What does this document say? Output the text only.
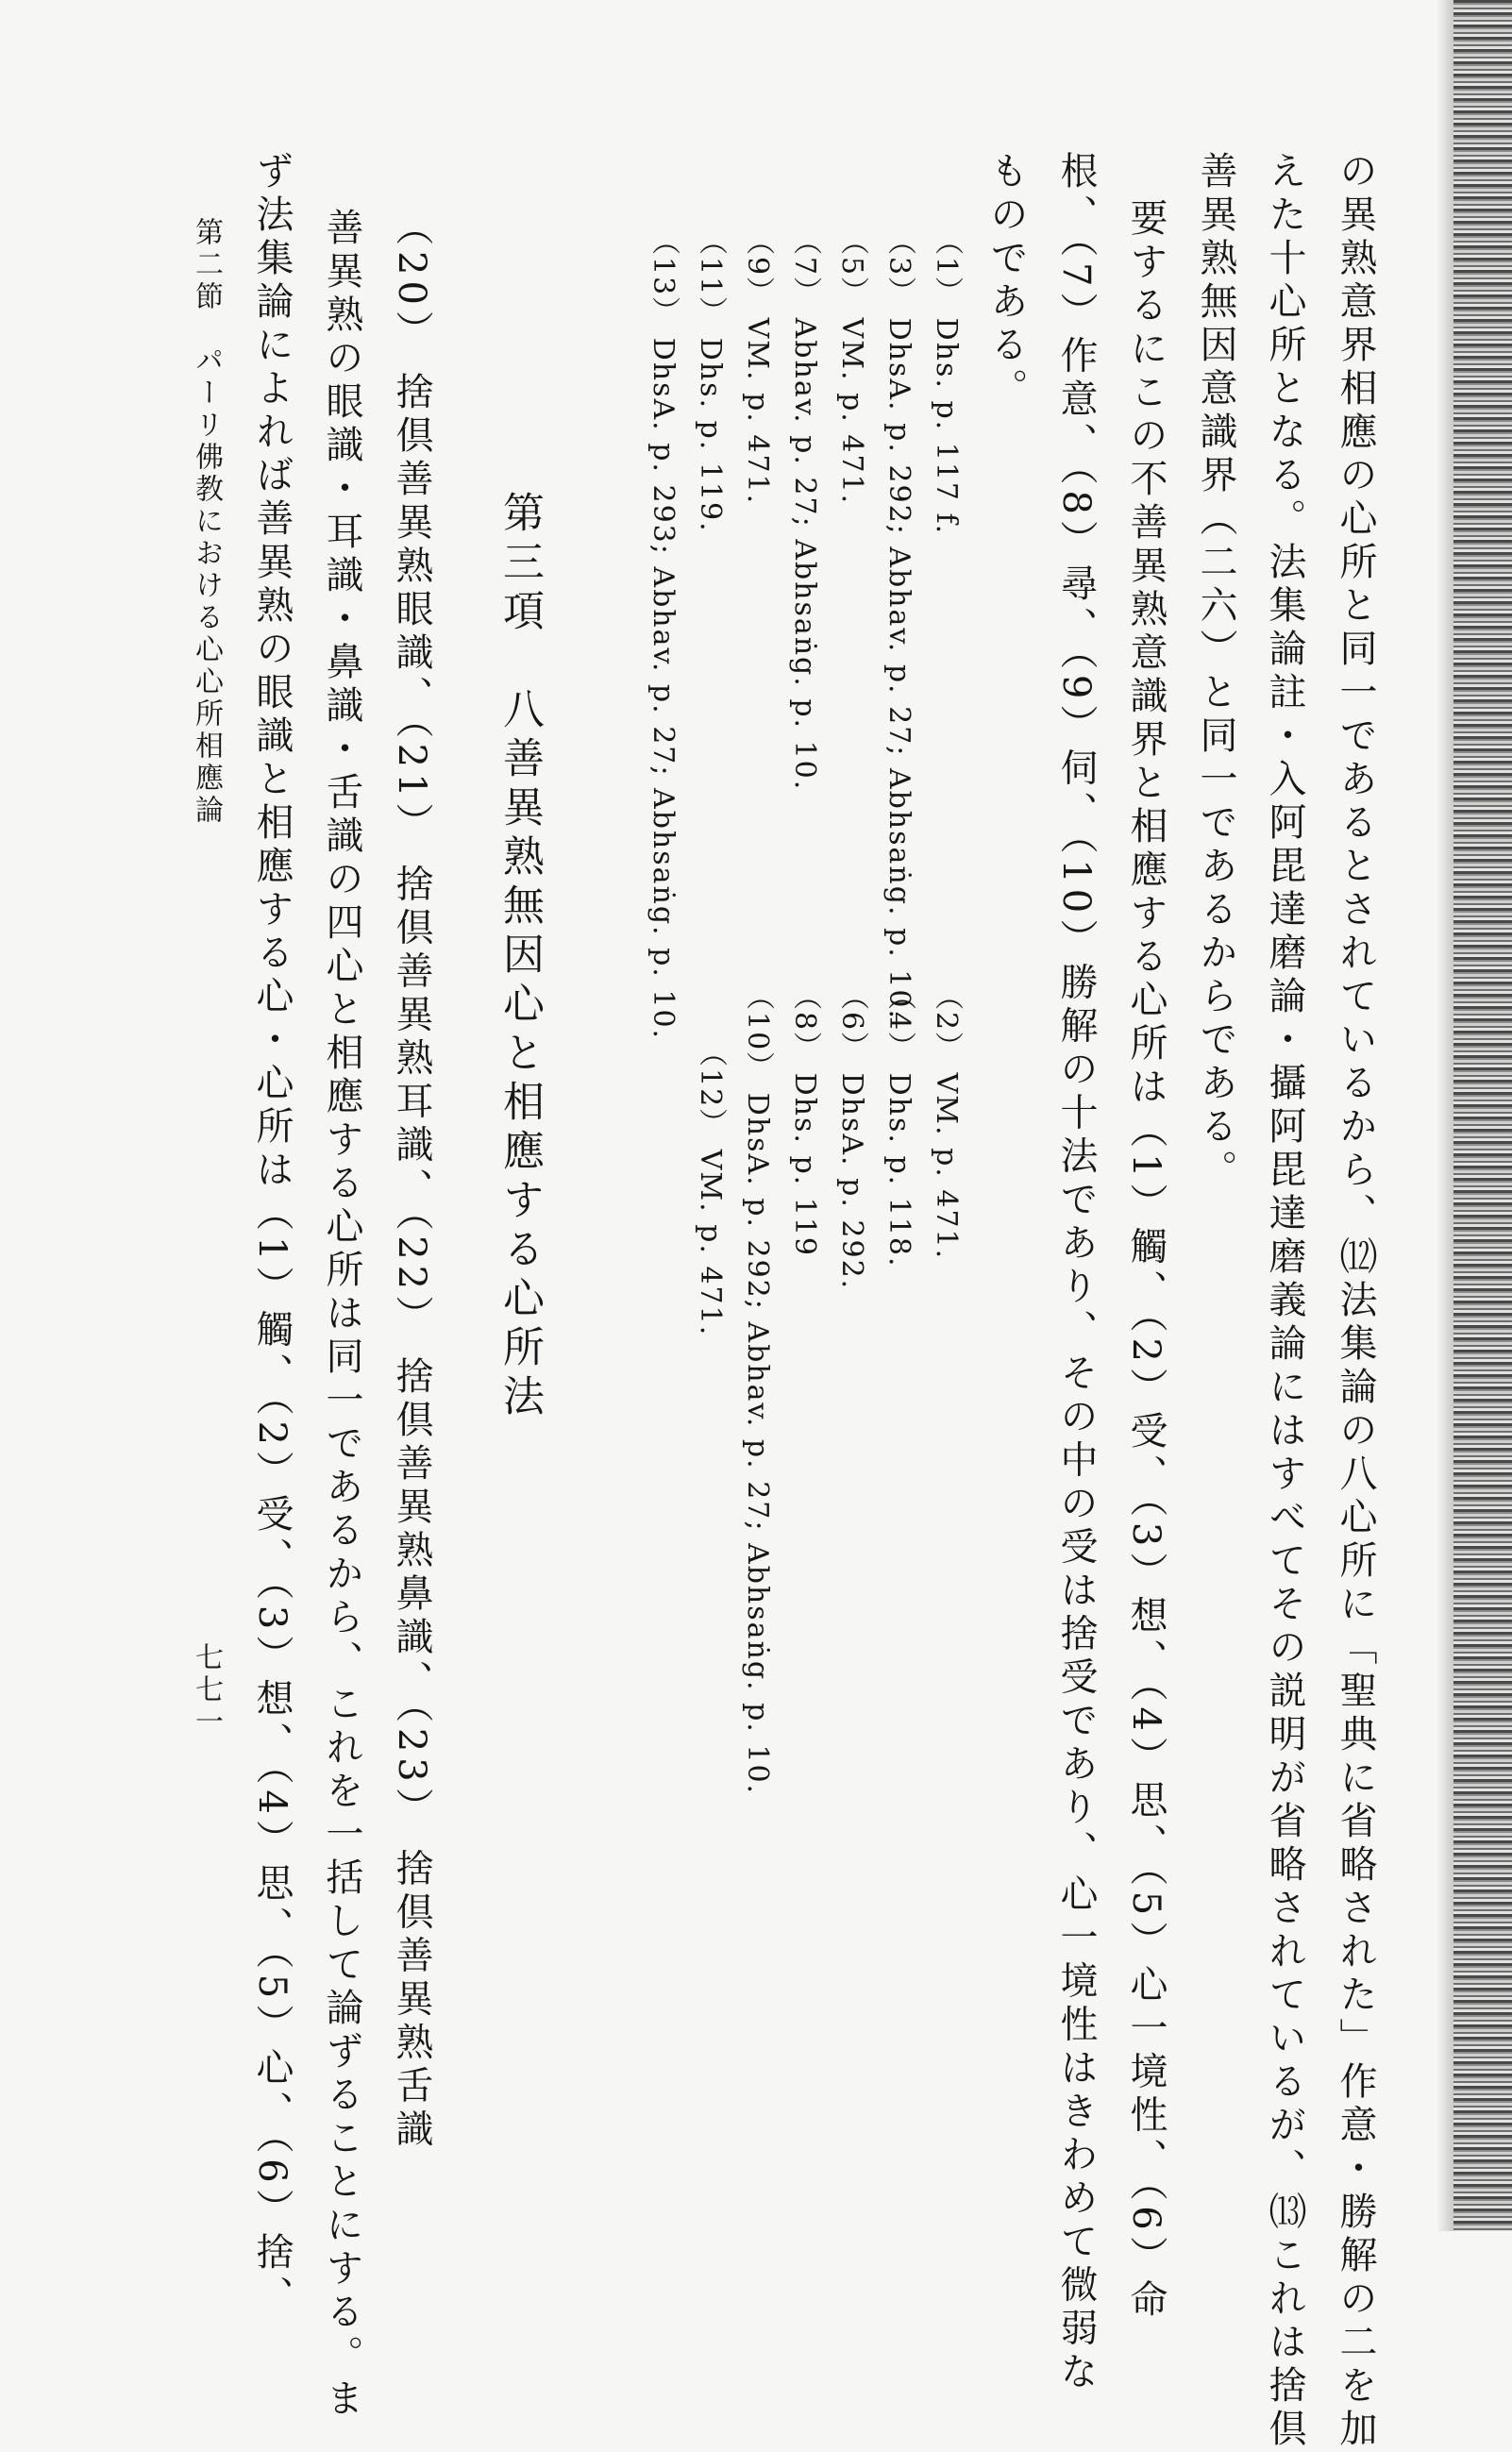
の異熟意界相應の心所と同一であるとされているから、⑿法集論の八心所に「聖典に省略された」作意・勝解の二を加
えた十心所となる。法集論註・入阿毘達磨論・攝阿毘達磨義論にはすべてその説明が省略されているが、⒀これは捨倶
善異熟無因意識界（二六）と同一であるからである。
要するにこの不善異熟意識界と相應する心所は（1）觸、（2）受、（3）想、（4）思、（5）心一境性、（6）命
根、（7）作意、（8）尋、（9）伺、（10）勝解の十法であり、その中の受は捨受であり、心一境性はきわめて微弱な
ものである。
（1） Dhs. p. 117 f.
（3） DhsA. p. 292; Abhav. p. 27; Abhsaṅg. p. 10.
（5） VM. p. 471.
（7） Abhav. p. 27; Abhsaṅg. p. 10.
（9） VM. p. 471.
（11） Dhs. p. 119.
（13） DhsA. p. 293; Abhav. p. 27; Abhsaṅg. p. 10.
（2） VM. p. 471.
（4） Dhs. p. 118.
（6） DhsA. p. 292.
（8） Dhs. p. 119
（10） DhsA. p. 292; Abhav. p. 27; Abhsaṅg. p. 10.
（12） VM. p. 471.
第三項　八善異熟無因心と相應する心所法
（20） 捨倶善異熟眼識、（21） 捨倶善異熟耳識、（22） 捨倶善異熟鼻識、（23） 捨倶善異熟舌識
善異熟の眼識・耳識・鼻識・舌識の四心と相應する心所は同一であるから、これを一括して論ずることにする。ま
ず法集論によれば善異熟の眼識と相應する心・心所は（1）觸、（2）受、（3）想、（4）思、（5）心、（6）捨、
第二節　パーリ佛教における心心所相應論
七七一
